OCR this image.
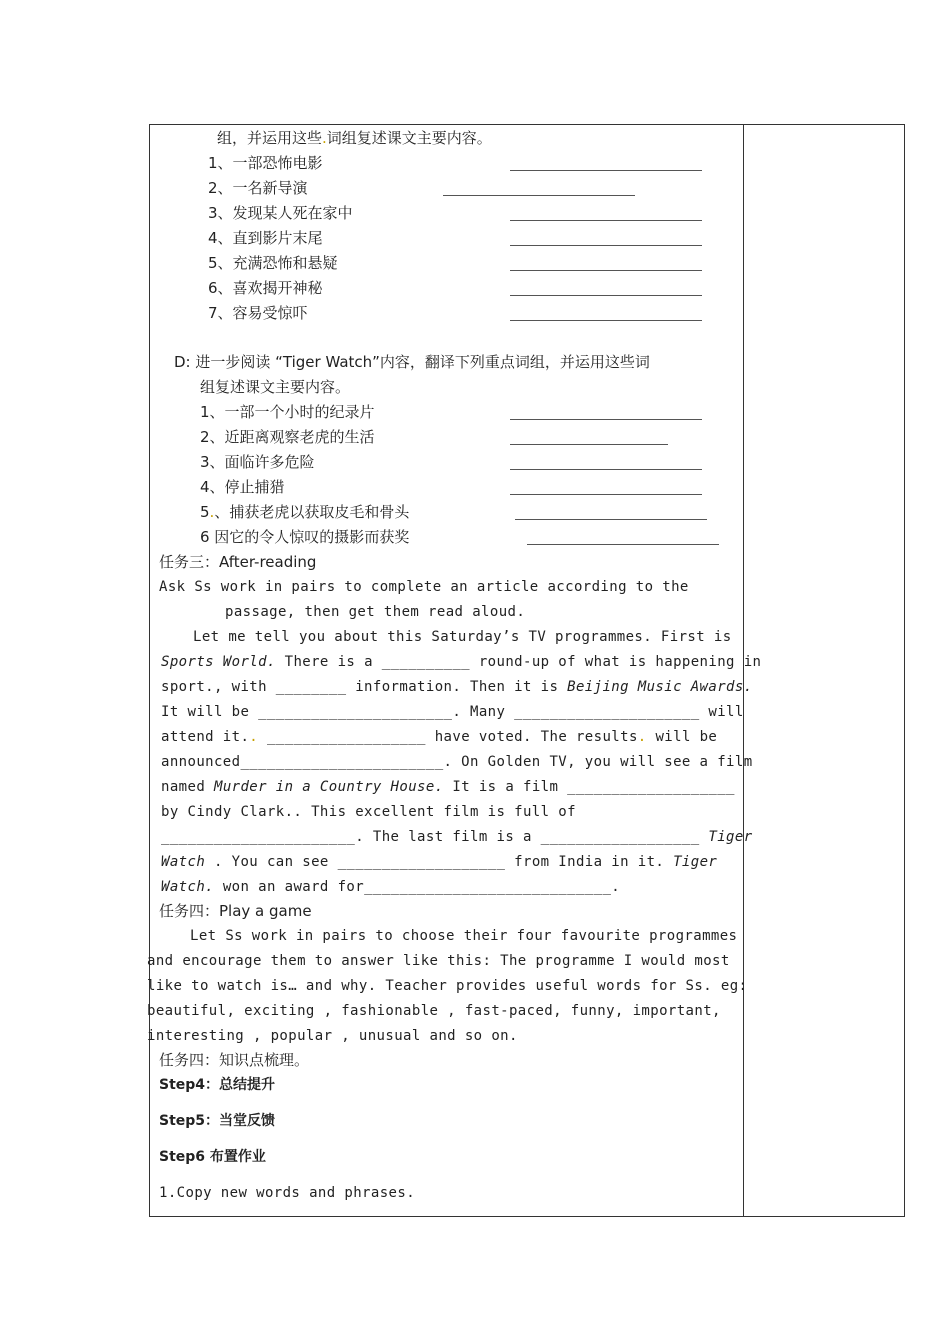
组，并运用这些.词组复述课文主要内容。
1、一部恐怖电影
2、一名新导演
3、发现某人死在家中
4、直到影片末尾
5、充满恐怖和悬疑
6、喜欢揭开神秘
7、容易受惊吓
D: 进一步阅读 “Tiger Watch”内容，翻译下列重点词组，并运用这些词
组复述课文主要内容。
1、一部一个小时的纪录片
2、近距离观察老虎的生活
3、面临许多危险
4、停止捕猎
5.、捕获老虎以获取皮毛和骨头
6 因它的令人惊叹的摄影而获奖
任务三：After-reading
Ask Ss work in pairs to complete an article according to the
passage, then get them read aloud.
Let me tell you about this Saturday’s TV programmes. First is
Sports World. There is a __________ round-up of what is happening in
sport., with ________ information. Then it is Beijing Music Awards.
It will be ______________________. Many _____________________ will
attend it.. __________________ have voted. The results. will be
announced_______________________. On Golden TV, you will see a film
named Murder in a Country House. It is a film ___________________
by Cindy Clark.. This excellent film is full of
______________________. The last film is a __________________ Tiger
Watch . You can see ___________________ from India in it. Tiger
Watch. won an award for____________________________.
任务四：Play a game
Let Ss work in pairs to choose their four favourite programmes
and encourage them to answer like this: The programme I would most
like to watch is… and why. Teacher provides useful words for Ss. eg:
beautiful, exciting , fashionable , fast-paced, funny, important,
interesting , popular , unusual and so on.
任务四：知识点梳理。
Step4：总结提升
Step5：当堂反馈
Step6 布置作业
1.Copy new words and phrases.
